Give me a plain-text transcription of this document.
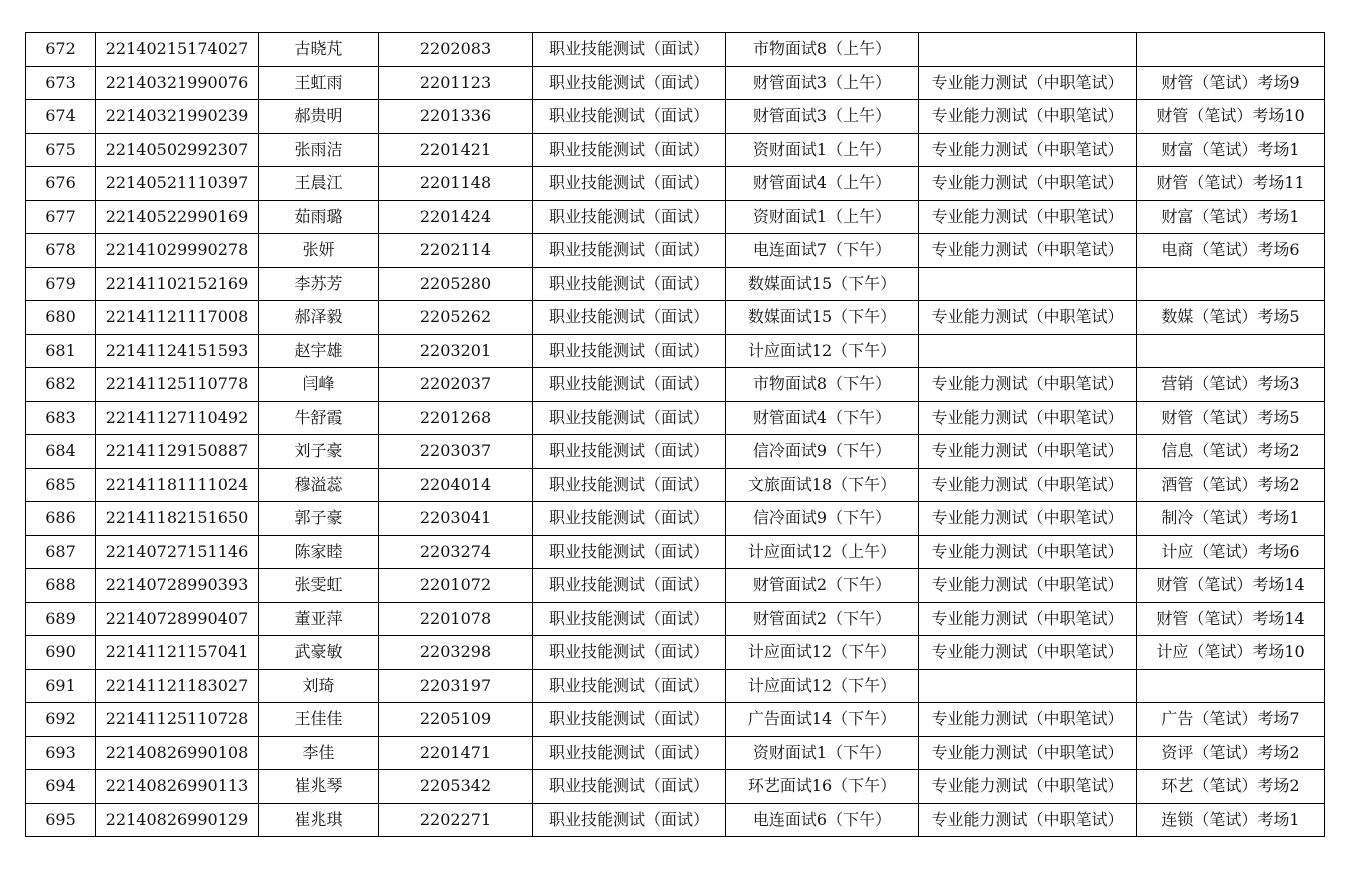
672	22140215174027	古晓芃	2202083	职业技能测试（面试）	市物面试8（上午）		
673	22140321990076	王虹雨	2201123	职业技能测试（面试）	财管面试3（上午）	专业能力测试（中职笔试）	财管（笔试）考场9
674	22140321990239	郝贵明	2201336	职业技能测试（面试）	财管面试3（上午）	专业能力测试（中职笔试）	财管（笔试）考场10
675	22140502992307	张雨洁	2201421	职业技能测试（面试）	资财面试1（上午）	专业能力测试（中职笔试）	财富（笔试）考场1
676	22140521110397	王晨江	2201148	职业技能测试（面试）	财管面试4（上午）	专业能力测试（中职笔试）	财管（笔试）考场11
677	22140522990169	茹雨璐	2201424	职业技能测试（面试）	资财面试1（上午）	专业能力测试（中职笔试）	财富（笔试）考场1
678	22141029990278	张妍	2202114	职业技能测试（面试）	电连面试7（下午）	专业能力测试（中职笔试）	电商（笔试）考场6
679	22141102152169	李苏芳	2205280	职业技能测试（面试）	数媒面试15（下午）		
680	22141121117008	郝泽毅	2205262	职业技能测试（面试）	数媒面试15（下午）	专业能力测试（中职笔试）	数媒（笔试）考场5
681	22141124151593	赵宇雄	2203201	职业技能测试（面试）	计应面试12（下午）		
682	22141125110778	闫峰	2202037	职业技能测试（面试）	市物面试8（下午）	专业能力测试（中职笔试）	营销（笔试）考场3
683	22141127110492	牛舒霞	2201268	职业技能测试（面试）	财管面试4（下午）	专业能力测试（中职笔试）	财管（笔试）考场5
684	22141129150887	刘子豪	2203037	职业技能测试（面试）	信冷面试9（下午）	专业能力测试（中职笔试）	信息（笔试）考场2
685	22141181111024	穆溢蕊	2204014	职业技能测试（面试）	文旅面试18（下午）	专业能力测试（中职笔试）	酒管（笔试）考场2
686	22141182151650	郭子豪	2203041	职业技能测试（面试）	信冷面试9（下午）	专业能力测试（中职笔试）	制冷（笔试）考场1
687	22140727151146	陈家睦	2203274	职业技能测试（面试）	计应面试12（上午）	专业能力测试（中职笔试）	计应（笔试）考场6
688	22140728990393	张雯虹	2201072	职业技能测试（面试）	财管面试2（下午）	专业能力测试（中职笔试）	财管（笔试）考场14
689	22140728990407	董亚萍	2201078	职业技能测试（面试）	财管面试2（下午）	专业能力测试（中职笔试）	财管（笔试）考场14
690	22141121157041	武豪敏	2203298	职业技能测试（面试）	计应面试12（下午）	专业能力测试（中职笔试）	计应（笔试）考场10
691	22141121183027	刘琦	2203197	职业技能测试（面试）	计应面试12（下午）		
692	22141125110728	王佳佳	2205109	职业技能测试（面试）	广告面试14（下午）	专业能力测试（中职笔试）	广告（笔试）考场7
693	22140826990108	李佳	2201471	职业技能测试（面试）	资财面试1（下午）	专业能力测试（中职笔试）	资评（笔试）考场2
694	22140826990113	崔兆琴	2205342	职业技能测试（面试）	环艺面试16（下午）	专业能力测试（中职笔试）	环艺（笔试）考场2
695	22140826990129	崔兆琪	2202271	职业技能测试（面试）	电连面试6（下午）	专业能力测试（中职笔试）	连锁（笔试）考场1
